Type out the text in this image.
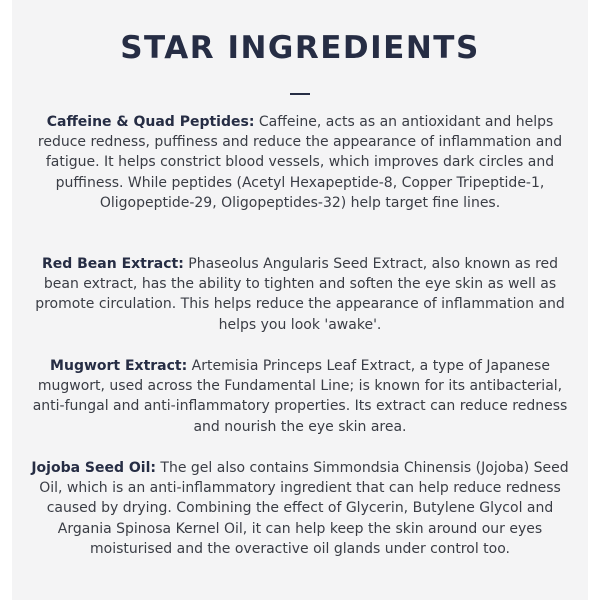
STAR INGREDIENTS

Caffeine & Quad Peptides: Caffeine, acts as an antioxidant and helps reduce redness, puffiness and reduce the appearance of inflammation and fatigue. It helps constrict blood vessels, which improves dark circles and puffiness. While peptides (Acetyl Hexapeptide-8, Copper Tripeptide-1, Oligopeptide-29, Oligopeptides-32) help target fine lines.

Red Bean Extract: Phaseolus Angularis Seed Extract, also known as red bean extract, has the ability to tighten and soften the eye skin as well as promote circulation. This helps reduce the appearance of inflammation and helps you look 'awake'.

Mugwort Extract: Artemisia Princeps Leaf Extract, a type of Japanese mugwort, used across the Fundamental Line; is known for its antibacterial, anti-fungal and anti-inflammatory properties. Its extract can reduce redness and nourish the eye skin area.

Jojoba Seed Oil: The gel also contains Simmondsia Chinensis (Jojoba) Seed Oil, which is an anti-inflammatory ingredient that can help reduce redness caused by drying. Combining the effect of Glycerin, Butylene Glycol and Argania Spinosa Kernel Oil, it can help keep the skin around our eyes moisturised and the overactive oil glands under control too.
